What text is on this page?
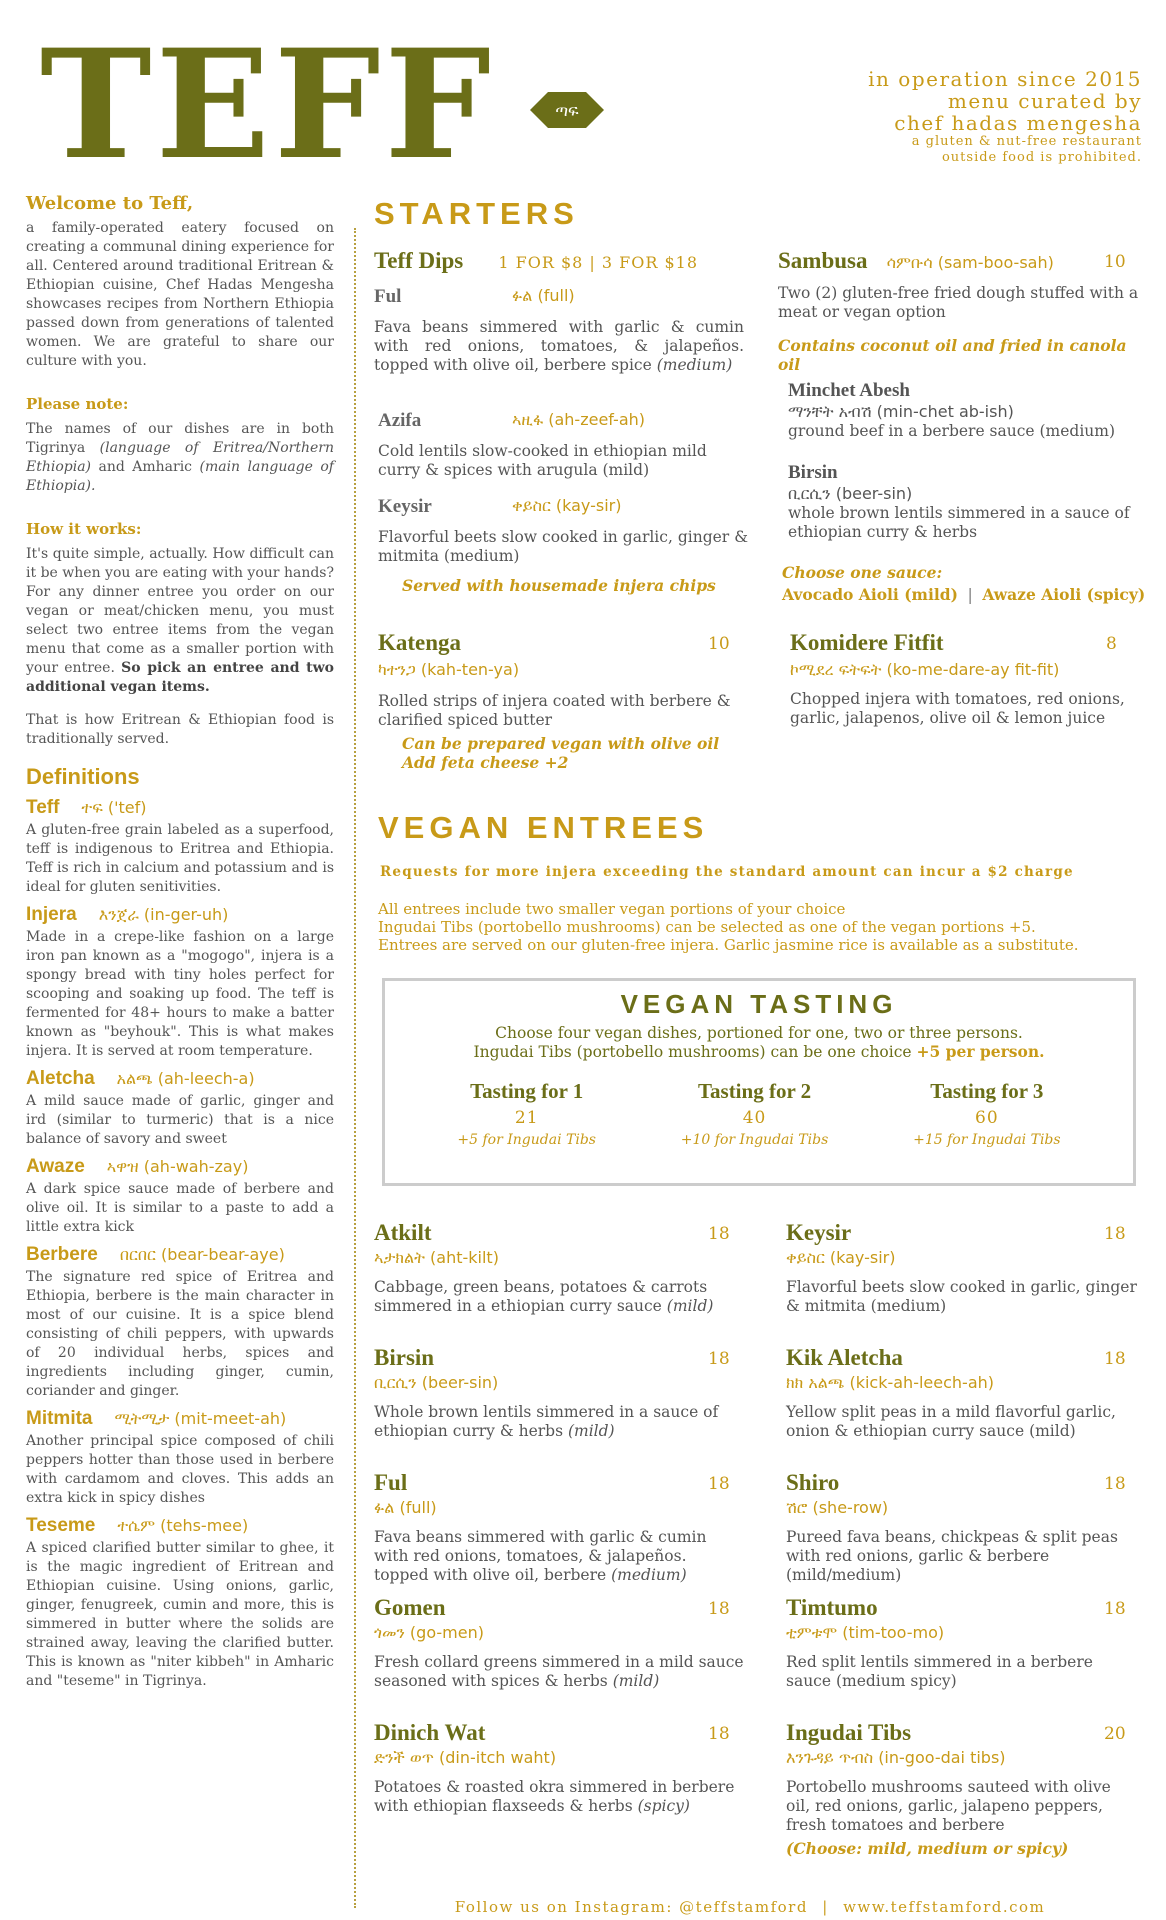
TEFF	ጣፍ
in operation since 2015
menu curated by
chef hadas mengesha
a gluten & nut-free restaurant
outside food is prohibited.
Welcome to Teff,

a family-operated eatery focused on creating a communal dining experience for all. Centered around traditional Eritrean & Ethiopian cuisine, Chef Hadas Mengesha showcases recipes from Northern Ethiopia passed down from generations of talented women. We are grateful to share our culture with you.

Please note:

The names of our dishes are in both Tigrinya (language of Eritrea/Northern Ethiopia) and Amharic (main language of Ethiopia).

How it works:

It's quite simple, actually. How difficult can it be when you are eating with your hands? For any dinner entree you order on our vegan or meat/chicken menu, you must select two entree items from the vegan menu that come as a smaller portion with your entree. So pick an entree and two additional vegan items.

That is how Eritrean & Ethiopian food is traditionally served.

Definitions
Teff ተፍ ('tef)
A gluten-free grain labeled as a superfood, teff is indigenous to Eritrea and Ethiopia. Teff is rich in calcium and potassium and is ideal for gluten senitivities.
Injera እንጀራ (in-ger-uh)
Made in a crepe-like fashion on a large iron pan known as a "mogogo", injera is a spongy bread with tiny holes perfect for scooping and soaking up food. The teff is fermented for 48+ hours to make a batter known as "beyhouk". This is what makes injera. It is served at room temperature.
Aletcha አልጫ (ah-leech-a)
A mild sauce made of garlic, ginger and ird (similar to turmeric) that is a nice balance of savory and sweet
Awaze ኣዋዝ (ah-wah-zay)
A dark spice sauce made of berbere and olive oil. It is similar to a paste to add a little extra kick
Berbere በርበር (bear-bear-aye)
The signature red spice of Eritrea and Ethiopia, berbere is the main character in most of our cuisine. It is a spice blend consisting of chili peppers, with upwards of 20 individual herbs, spices and ingredients including ginger, cumin, coriander and ginger.
Mitmita ሚትሚታ (mit-meet-ah)
Another principal spice composed of chili peppers hotter than those used in berbere with cardamom and cloves. This adds an extra kick in spicy dishes
Teseme ተሴም (tehs-mee)
A spiced clarified butter similar to ghee, it is the magic ingredient of Eritrean and Ethiopian cuisine. Using onions, garlic, ginger, fenugreek, cumin and more, this is simmered in butter where the solids are strained away, leaving the clarified butter. This is known as "niter kibbeh" in Amharic and "teseme" in Tigrinya.
STARTERS
Teff Dips 1 FOR $8 | 3 FOR $18
Ful	ፉል (full)
Fava beans simmered with garlic & cumin with red onions, tomatoes, & jalapeños. topped with olive oil, berbere spice (medium)
Azifa	ኣዚፋ (ah-zeef-ah)
Cold lentils slow-cooked in ethiopian mild curry & spices with arugula (mild)
Keysir	ቀይስር (kay-sir)
Flavorful beets slow cooked in garlic, ginger & mitmita (medium)
Served with housemade injera chips
Katenga	10
ካተንጋ (kah-ten-ya)
Rolled strips of injera coated with berbere & clarified spiced butter
Can be prepared vegan with olive oil
Add feta cheese +2
Sambusa ሳምቡሳ (sam-boo-sah)	10
Two (2) gluten-free fried dough stuffed with a meat or vegan option
Contains coconut oil and fried in canola oil
Minchet Abesh
ማንቸት አብሽ (min-chet ab-ish)
ground beef in a berbere sauce (medium)
Birsin
ቢርሲን (beer-sin)
whole brown lentils simmered in a sauce of ethiopian curry & herbs
Choose one sauce:
Avocado Aioli (mild) | Awaze Aioli (spicy)
Komidere Fitfit	8
ኮሚደረ ፍትፍት (ko-me-dare-ay fit-fit)
Chopped injera with tomatoes, red onions, garlic, jalapenos, olive oil & lemon juice
VEGAN ENTREES
Requests for more injera exceeding the standard amount can incur a $2 charge
All entrees include two smaller vegan portions of your choice
Ingudai Tibs (portobello mushrooms) can be selected as one of the vegan portions +5.
Entrees are served on our gluten-free injera. Garlic jasmine rice is available as a substitute.
VEGAN TASTING
Choose four vegan dishes, portioned for one, two or three persons.
Ingudai Tibs (portobello mushrooms) can be one choice +5 per person.
Tasting for 1
21
+5 for Ingudai Tibs
Tasting for 2
40
+10 for Ingudai Tibs
Tasting for 3
60
+15 for Ingudai Tibs
Atkilt	18
ኣታክልት (aht-kilt)
Cabbage, green beans, potatoes & carrots simmered in a ethiopian curry sauce (mild)
Birsin	18
ቢርሲን (beer-sin)
Whole brown lentils simmered in a sauce of ethiopian curry & herbs (mild)
Ful	18
ፉል (full)
Fava beans simmered with garlic & cumin with red onions, tomatoes, & jalapeños. topped with olive oil, berbere (medium)
Gomen	18
ጎመን (go-men)
Fresh collard greens simmered in a mild sauce seasoned with spices & herbs (mild)
Dinich Wat	18
ድንች ወጥ (din-itch waht)
Potatoes & roasted okra simmered in berbere with ethiopian flaxseeds & herbs (spicy)
Keysir	18
ቀይስር (kay-sir)
Flavorful beets slow cooked in garlic, ginger & mitmita (medium)
Kik Aletcha	18
ክክ አልጫ (kick-ah-leech-ah)
Yellow split peas in a mild flavorful garlic, onion & ethiopian curry sauce (mild)
Shiro	18
ሽሮ (she-row)
Pureed fava beans, chickpeas & split peas with red onions, garlic & berbere (mild/medium)
Timtumo	18
ቲምቱሞ (tim-too-mo)
Red split lentils simmered in a berbere sauce (medium spicy)
Ingudai Tibs	20
እንጉዳይ ጥብስ (in-goo-dai tibs)
Portobello mushrooms sauteed with olive oil, red onions, garlic, jalapeno peppers, fresh tomatoes and berbere
(Choose: mild, medium or spicy)
Follow us on Instagram: @teffstamford | www.teffstamford.com
